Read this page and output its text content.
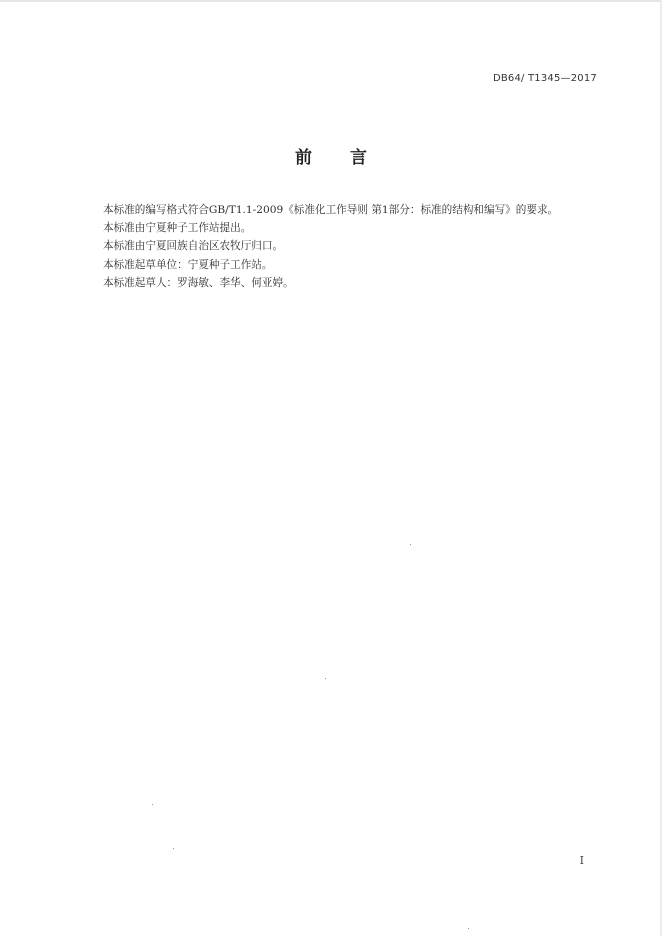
DB64/ T1345—2017
前言

本标准的编写格式符合GB/T1.1-2009《标准化工作导则 第1部分：标准的结构和编写》的要求。

本标准由宁夏种子工作站提出。

本标准由宁夏回族自治区农牧厅归口。

本标准起草单位：宁夏种子工作站。

本标准起草人：罗海敏、李华、何亚婷。

I
